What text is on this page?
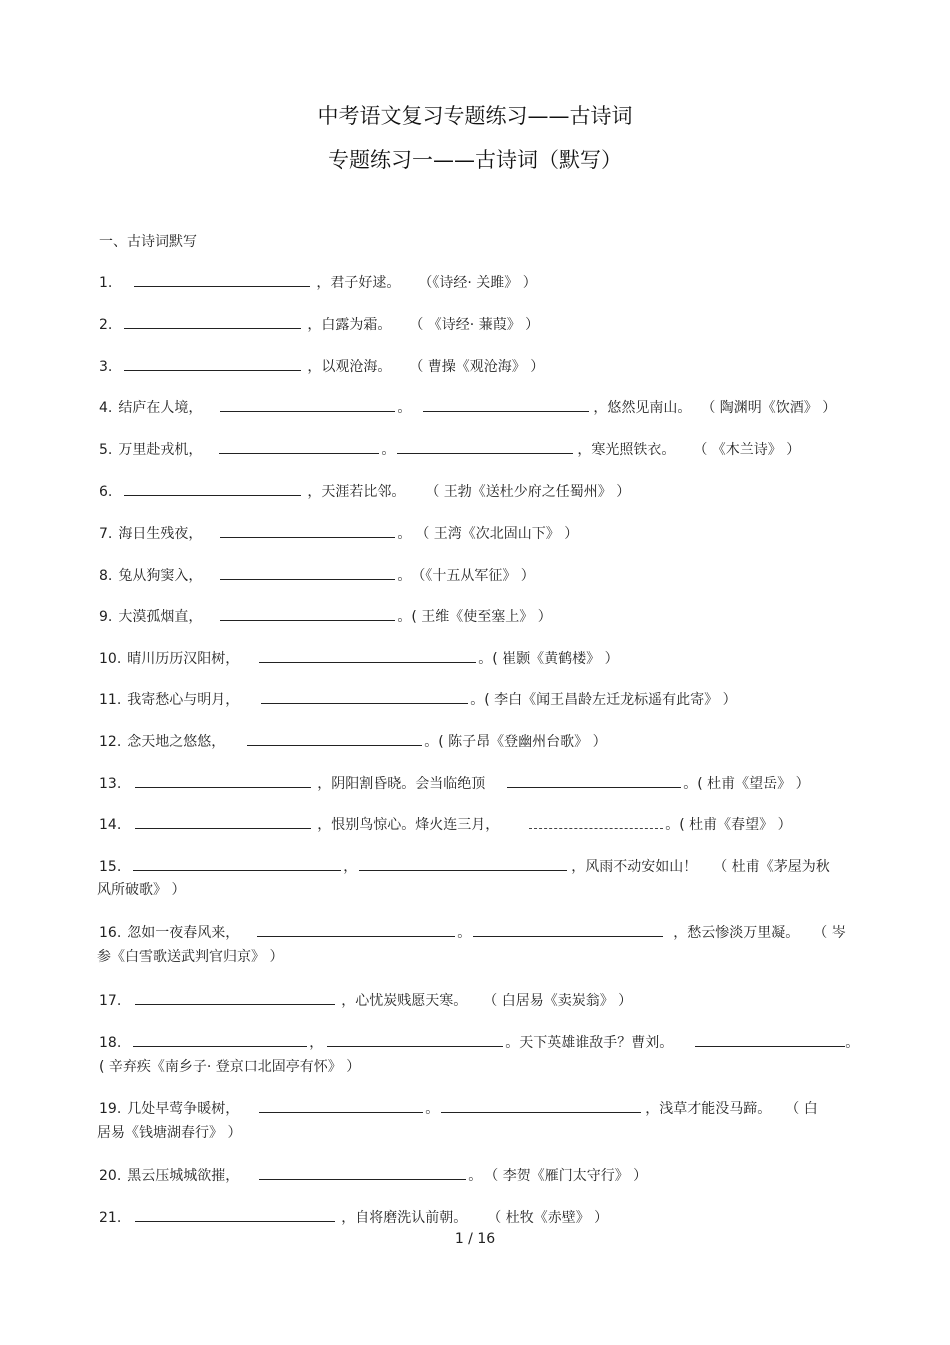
中考语文复习专题练习——古诗词
专题练习一——古诗词（默写）
一、古诗词默写
1.	，君子好逑。 （《诗经· 关雎》 ）
2.	，白露为霜。 （ 《诗经· 蒹葭》 ）
3.	，以观沧海。 （ 曹操《观沧海》 ）
4. 结庐在人境，	。	，悠然见南山。 （ 陶渊明《饮酒》 ）
5. 万里赴戎机，	。	，寒光照铁衣。 （ 《木兰诗》 ）
6.	，天涯若比邻。 （ 王勃《送杜少府之任蜀州》 ）
7. 海日生残夜，	。 （ 王湾《次北固山下》 ）
8. 兔从狗窦入，	。（《十五从军征》 ）
9. 大漠孤烟直，	。( 王维《使至塞上》 ）
10. 晴川历历汉阳树，	。( 崔颢《黄鹤楼》 ）
11. 我寄愁心与明月，	。( 李白《闻王昌龄左迁龙标遥有此寄》 ）
12. 念天地之悠悠，	。( 陈子昂《登幽州台歌》 ）
13.	，阴阳割昏晓。会当临绝顶	。( 杜甫《望岳》 ）
14.	，恨别鸟惊心。烽火连三月，	。( 杜甫《春望》 ）
15.	，	，风雨不动安如山！ （ 杜甫《茅屋为秋
风所破歌》 ）
16. 忽如一夜春风来，	。	，愁云惨淡万里凝。 （ 岑
参《白雪歌送武判官归京》 ）
17.	，心忧炭贱愿天寒。 （ 白居易《卖炭翁》 ）
18.	，	。天下英雄谁敌手？曹刘。	。
( 辛弃疾《南乡子· 登京口北固亭有怀》 ）
19. 几处早莺争暖树，	。	，浅草才能没马蹄。 （ 白
居易《钱塘湖春行》 ）
20. 黑云压城城欲摧，	。 （ 李贺《雁门太守行》 ）
21.	，自将磨洗认前朝。 （ 杜牧《赤壁》 ）
1 / 16
